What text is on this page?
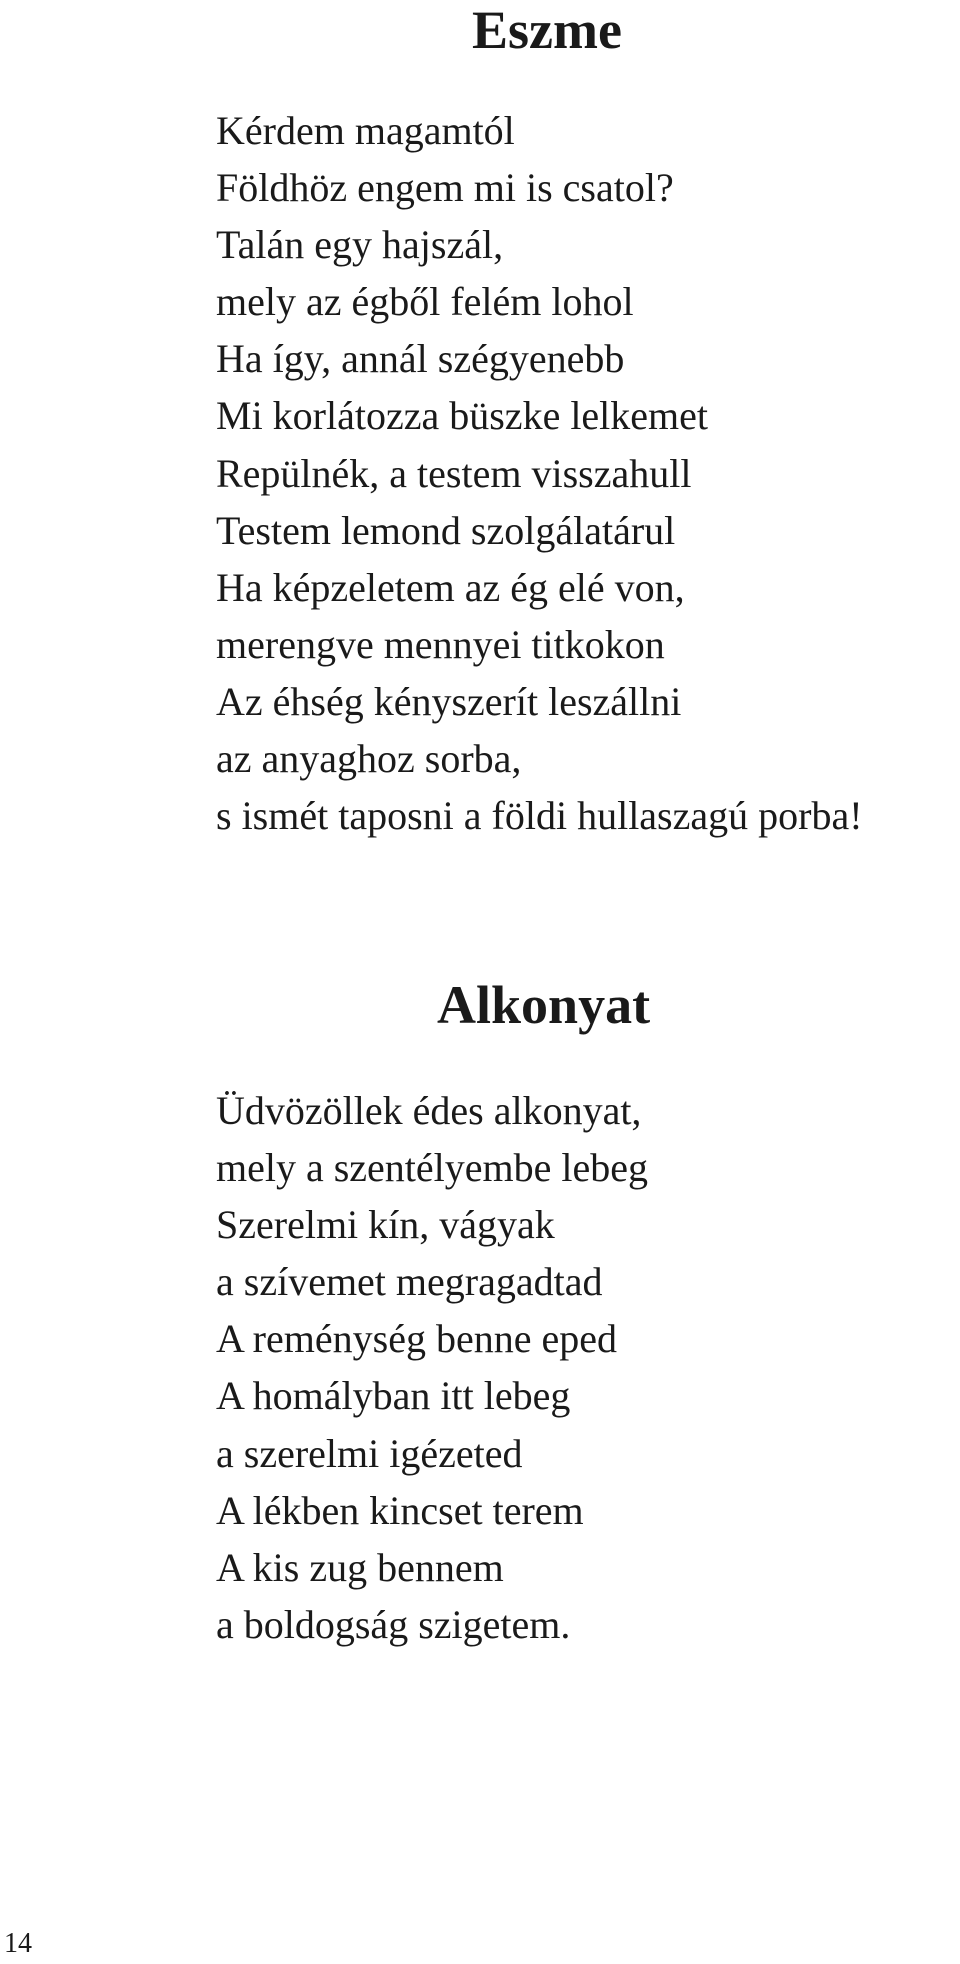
Eszme
Kérdem magamtól
Földhöz engem mi is csatol?
Talán egy hajszál,
mely az égből felém lohol
Ha így, annál szégyenebb
Mi korlátozza büszke lelkemet
Repülnék, a testem visszahull
Testem lemond szolgálatárul
Ha képzeletem az ég elé von,
merengve mennyei titkokon
Az éhség kényszerít leszállni
az anyaghoz sorba,
s ismét taposni a földi hullaszagú porba!
Alkonyat
Üdvözöllek édes alkonyat,
mely a szentélyembe lebeg
Szerelmi kín, vágyak
a szívemet megragadtad
A reménység benne eped
A homályban itt lebeg
a szerelmi igézeted
A lékben kincset terem
A kis zug bennem
a boldogság szigetem.
14
